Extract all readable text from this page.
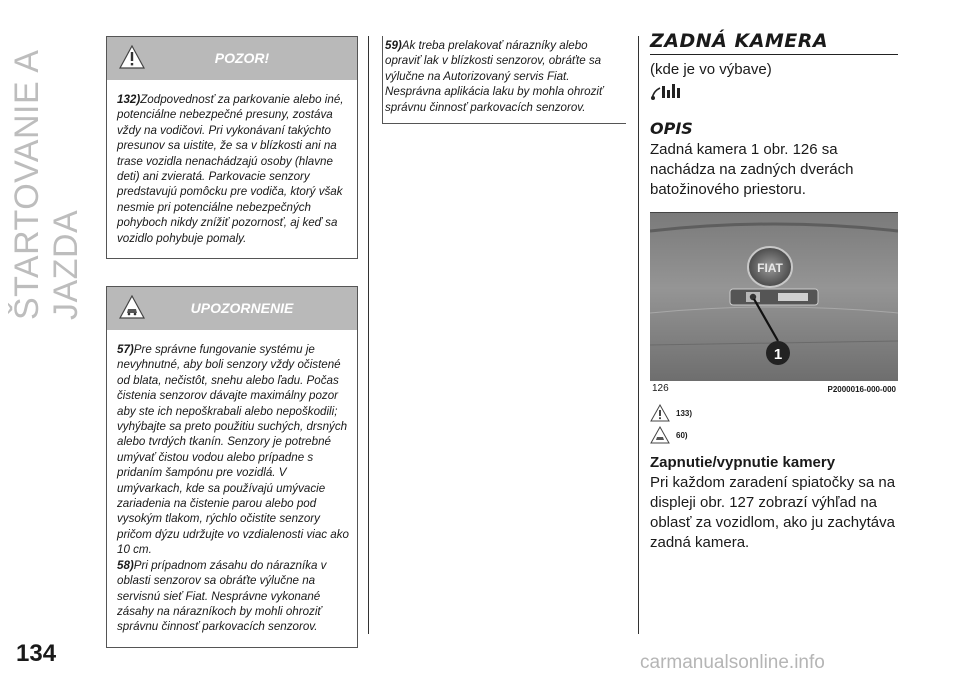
ŠTARTOVANIE A JAZDA
134	carmanualsonline.info
POZOR!
132)Zodpovednosť za parkovanie alebo iné, potenciálne nebezpečné presuny, zostáva vždy na vodičovi. Pri vykonávaní takýchto presunov sa uistite, že sa v blízkosti ani na trase vozidla nenachádzajú osoby (hlavne deti) ani zvieratá. Parkovacie senzory predstavujú pomôcku pre vodiča, ktorý však nesmie pri potenciálne nebezpečných pohyboch nikdy znížiť pozornosť, aj keď sa vozidlo pohybuje pomaly.
UPOZORNENIE
57)Pre správne fungovanie systému je nevyhnutné, aby boli senzory vždy očistené od blata, nečistôt, snehu alebo ľadu. Počas čistenia senzorov dávajte maximálny pozor aby ste ich nepoškrabali alebo nepoškodili; vyhýbajte sa preto použitiu suchých, drsných alebo tvrdých tkanín. Senzory je potrebné umývať čistou vodou alebo prípadne s pridaním šampónu pre vozidlá. V umývarkach, kde sa používajú umývacie zariadenia na čistenie parou alebo pod vysokým tlakom, rýchlo očistite senzory pričom dýzu udržujte vo vzdialenosti viac ako 10 cm.
58)Pri prípadnom zásahu do nárazníka v oblasti senzorov sa obráťte výlučne na servisnú sieť Fiat. Nesprávne vykonané zásahy na nárazníkoch by mohli ohroziť správnu činnosť parkovacích senzorov.
59)Ak treba prelakovať nárazníky alebo opraviť lak v blízkosti senzorov, obráťte sa výlučne na Autorizovaný servis Fiat. Nesprávna aplikácia laku by mohla ohroziť správnu činnosť parkovacích senzorov.
ZADNÁ KAMERA
(kde je vo výbave)
OPIS
Zadná kamera 1 obr. 126 sa nachádza na zadných dverách batožinového priestoru.
FIAT
1
126	P2000016-000-000
133)
60)
Zapnutie/vypnutie kamery
Pri každom zaradení spiatočky sa na displeji obr. 127 zobrazí výhľad na oblasť za vozidlom, ako ju zachytáva zadná kamera.
